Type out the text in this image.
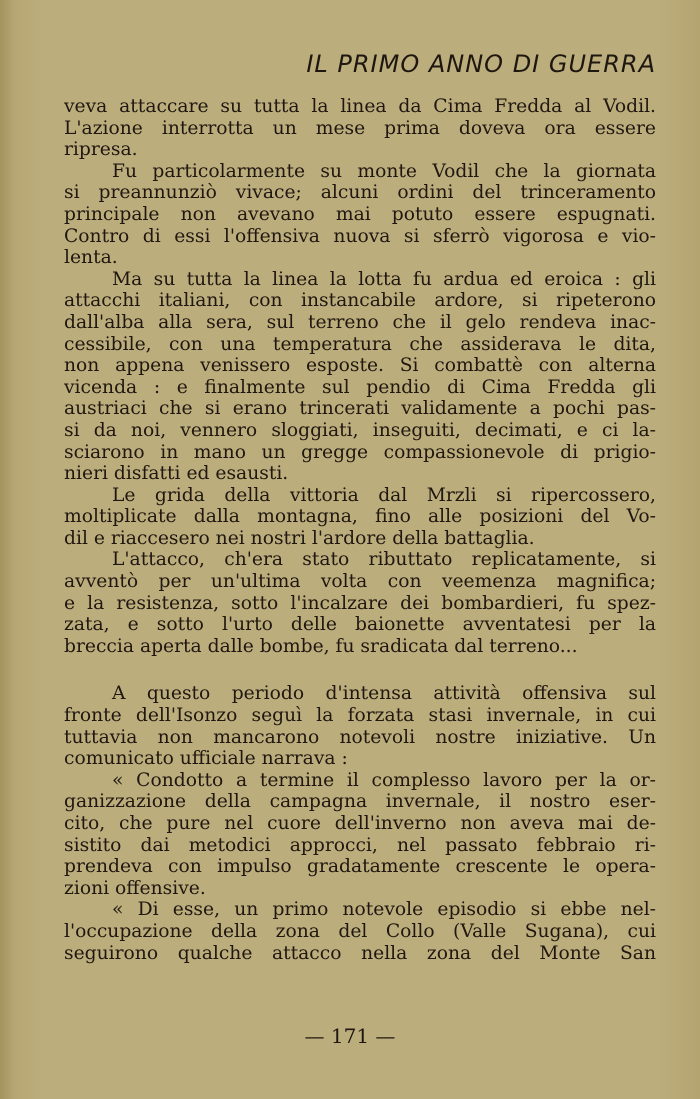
IL PRIMO ANNO DI GUERRA
veva attaccare su tutta la linea da Cima Fredda al Vodil.
L'azione interrotta un mese prima doveva ora essere
ripresa.
Fu particolarmente su monte Vodil che la giornata
si preannunziò vivace; alcuni ordini del trinceramento
principale non avevano mai potuto essere espugnati.
Contro di essi l'offensiva nuova si sferrò vigorosa e vio-
lenta.
Ma su tutta la linea la lotta fu ardua ed eroica : gli
attacchi italiani, con instancabile ardore, si ripeterono
dall'alba alla sera, sul terreno che il gelo rendeva inac-
cessibile, con una temperatura che assiderava le dita,
non appena venissero esposte. Si combattè con alterna
vicenda : e finalmente sul pendio di Cima Fredda gli
austriaci che si erano trincerati validamente a pochi pas-
si da noi, vennero sloggiati, inseguiti, decimati, e ci la-
sciarono in mano un gregge compassionevole di prigio-
nieri disfatti ed esausti.
Le grida della vittoria dal Mrzli si ripercossero,
moltiplicate dalla montagna, fino alle posizioni del Vo-
dil e riaccesero nei nostri l'ardore della battaglia.
L'attacco, ch'era stato ributtato replicatamente, si
avventò per un'ultima volta con veemenza magnifica;
e la resistenza, sotto l'incalzare dei bombardieri, fu spez-
zata, e sotto l'urto delle baionette avventatesi per la
breccia aperta dalle bombe, fu sradicata dal terreno...
A questo periodo d'intensa attività offensiva sul
fronte dell'Isonzo seguì la forzata stasi invernale, in cui
tuttavia non mancarono notevoli nostre iniziative. Un
comunicato ufficiale narrava :
« Condotto a termine il complesso lavoro per la or-
ganizzazione della campagna invernale, il nostro eser-
cito, che pure nel cuore dell'inverno non aveva mai de-
sistito dai metodici approcci, nel passato febbraio ri-
prendeva con impulso gradatamente crescente le opera-
zioni offensive.
« Di esse, un primo notevole episodio si ebbe nel-
l'occupazione della zona del Collo (Valle Sugana), cui
seguirono qualche attacco nella zona del Monte San
— 171 —
